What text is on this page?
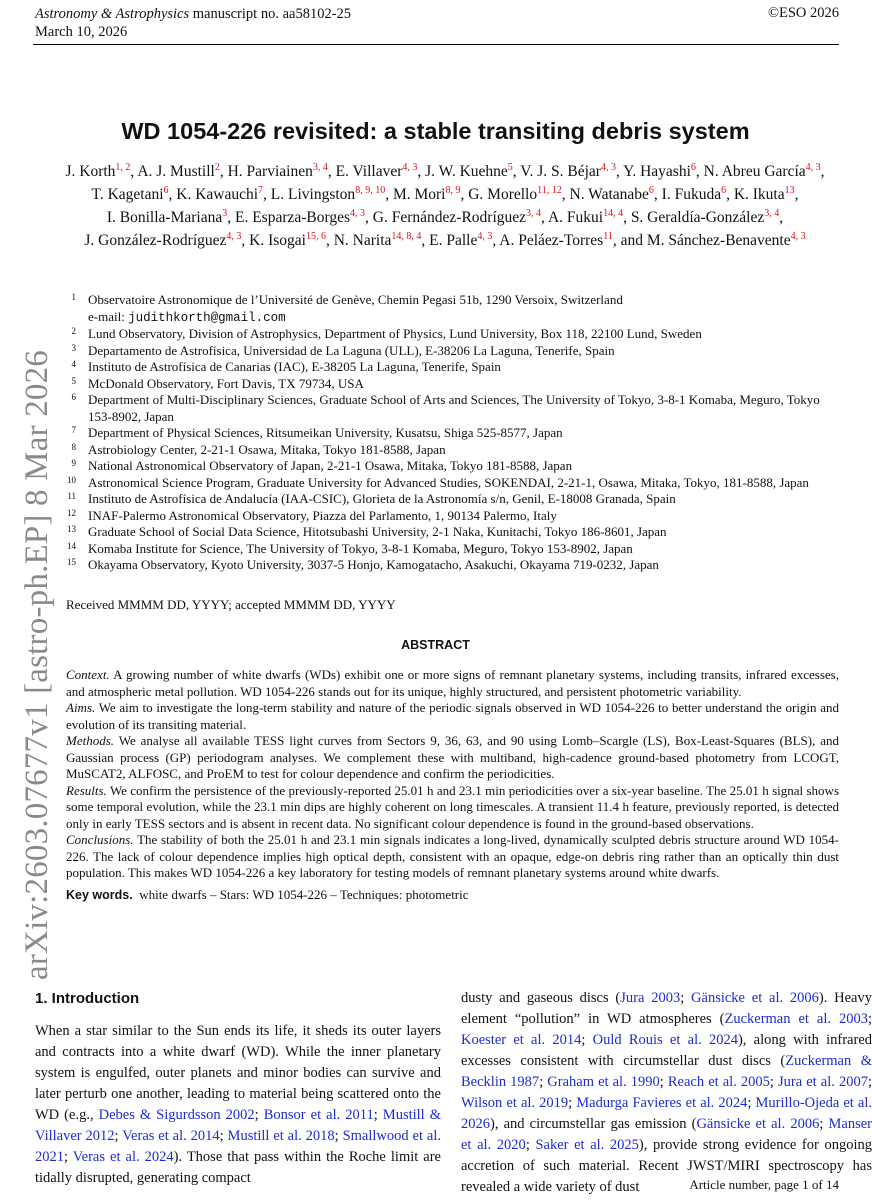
Astronomy & Astrophysics manuscript no. aa58102-25
March 10, 2026
©ESO 2026
arXiv:2603.07677v1 [astro-ph.EP] 8 Mar 2026
WD 1054-226 revisited: a stable transiting debris system
J. Korth$^{1, 2}$, A. J. Mustill$^2$, H. Parviainen$^{3, 4}$, E. Villaver$^{4, 3}$, J. W. Kuehne$^5$, V. J. S. Béjar$^{4, 3}$, Y. Hayashi$^6$, N. Abreu García$^{4, 3}$, T. Kagetani$^6$, K. Kawauchi$^7$, L. Livingston$^{8, 9, 10}$, M. Mori$^{8, 9}$, G. Morello$^{11, 12}$, N. Watanabe$^6$, I. Fukuda$^6$, K. Ikuta$^{13}$, I. Bonilla-Mariana$^3$, E. Esparza-Borges$^{4, 3}$, G. Fernández-Rodríguez$^{3, 4}$, A. Fukui$^{14, 4}$, S. Geraldía-González$^{3, 4}$, J. González-Rodríguez$^{4, 3}$, K. Isogai$^{15, 6}$, N. Narita$^{14, 8, 4}$, E. Palle$^{4, 3}$, A. Peláez-Torres$^{11}$, and M. Sánchez-Benavente$^{4, 3}$
1 Observatoire Astronomique de l’Université de Genève, Chemin Pegasi 51b, 1290 Versoix, Switzerland
e-mail: judithkorth@gmail.com
2 Lund Observatory, Division of Astrophysics, Department of Physics, Lund University, Box 118, 22100 Lund, Sweden
3 Departamento de Astrofísica, Universidad de La Laguna (ULL), E-38206 La Laguna, Tenerife, Spain
4 Instituto de Astrofísica de Canarias (IAC), E-38205 La Laguna, Tenerife, Spain
5 McDonald Observatory, Fort Davis, TX 79734, USA
6 Department of Multi-Disciplinary Sciences, Graduate School of Arts and Sciences, The University of Tokyo, 3-8-1 Komaba, Meguro, Tokyo 153-8902, Japan
7 Department of Physical Sciences, Ritsumeikan University, Kusatsu, Shiga 525-8577, Japan
8 Astrobiology Center, 2-21-1 Osawa, Mitaka, Tokyo 181-8588, Japan
9 National Astronomical Observatory of Japan, 2-21-1 Osawa, Mitaka, Tokyo 181-8588, Japan
10 Astronomical Science Program, Graduate University for Advanced Studies, SOKENDAI, 2-21-1, Osawa, Mitaka, Tokyo, 181-8588, Japan
11 Instituto de Astrofísica de Andalucía (IAA-CSIC), Glorieta de la Astronomía s/n, Genil, E-18008 Granada, Spain
12 INAF-Palermo Astronomical Observatory, Piazza del Parlamento, 1, 90134 Palermo, Italy
13 Graduate School of Social Data Science, Hitotsubashi University, 2-1 Naka, Kunitachi, Tokyo 186-8601, Japan
14 Komaba Institute for Science, The University of Tokyo, 3-8-1 Komaba, Meguro, Tokyo 153-8902, Japan
15 Okayama Observatory, Kyoto University, 3037-5 Honjo, Kamogatacho, Asakuchi, Okayama 719-0232, Japan
Received MMMM DD, YYYY; accepted MMMM DD, YYYY
ABSTRACT

Context. A growing number of white dwarfs (WDs) exhibit one or more signs of remnant planetary systems, including transits, infrared excesses, and atmospheric metal pollution. WD 1054-226 stands out for its unique, highly structured, and persistent photometric variability.

Aims. We aim to investigate the long-term stability and nature of the periodic signals observed in WD 1054-226 to better understand the origin and evolution of its transiting material.

Methods. We analyse all available TESS light curves from Sectors 9, 36, 63, and 90 using Lomb–Scargle (LS), Box-Least-Squares (BLS), and Gaussian process (GP) periodogram analyses. We complement these with multiband, high-cadence ground-based photometry from LCOGT, MuSCAT2, ALFOSC, and ProEM to test for colour dependence and confirm the periodicities.

Results. We confirm the persistence of the previously-reported 25.01 h and 23.1 min periodicities over a six-year baseline. The 25.01 h signal shows some temporal evolution, while the 23.1 min dips are highly coherent on long timescales. A transient 11.4 h feature, previously reported, is detected only in early TESS sectors and is absent in recent data. No significant colour dependence is found in the ground-based observations.

Conclusions. The stability of both the 25.01 h and 23.1 min signals indicates a long-lived, dynamically sculpted debris structure around WD 1054-226. The lack of colour dependence implies high optical depth, consistent with an opaque, edge-on debris ring rather than an optically thin dust population. This makes WD 1054-226 a key laboratory for testing models of remnant planetary systems around white dwarfs.

Key words. white dwarfs – Stars: WD 1054-226 – Techniques: photometric

1. Introduction
When a star similar to the Sun ends its life, it sheds its outer layers and contracts into a white dwarf (WD). While the inner planetary system is engulfed, outer planets and minor bodies can survive and later perturb one another, leading to material being scattered onto the WD (e.g., Debes & Sigurdsson 2002; Bonsor et al. 2011; Mustill & Villaver 2012; Veras et al. 2014; Mustill et al. 2018; Smallwood et al. 2021; Veras et al. 2024). Those that pass within the Roche limit are tidally disrupted, generating compact
dusty and gaseous discs (Jura 2003; Gänsicke et al. 2006). Heavy element “pollution” in WD atmospheres (Zuckerman et al. 2003; Koester et al. 2014; Ould Rouis et al. 2024), along with infrared excesses consistent with circumstellar dust discs (Zuckerman & Becklin 1987; Graham et al. 1990; Reach et al. 2005; Jura et al. 2007; Wilson et al. 2019; Madurga Favieres et al. 2024; Murillo-Ojeda et al. 2026), and circumstellar gas emission (Gänsicke et al. 2006; Manser et al. 2020; Saker et al. 2025), provide strong evidence for ongoing accretion of such material. Recent JWST/MIRI spectroscopy has revealed a wide variety of dust	Article number, page 1 of 14
